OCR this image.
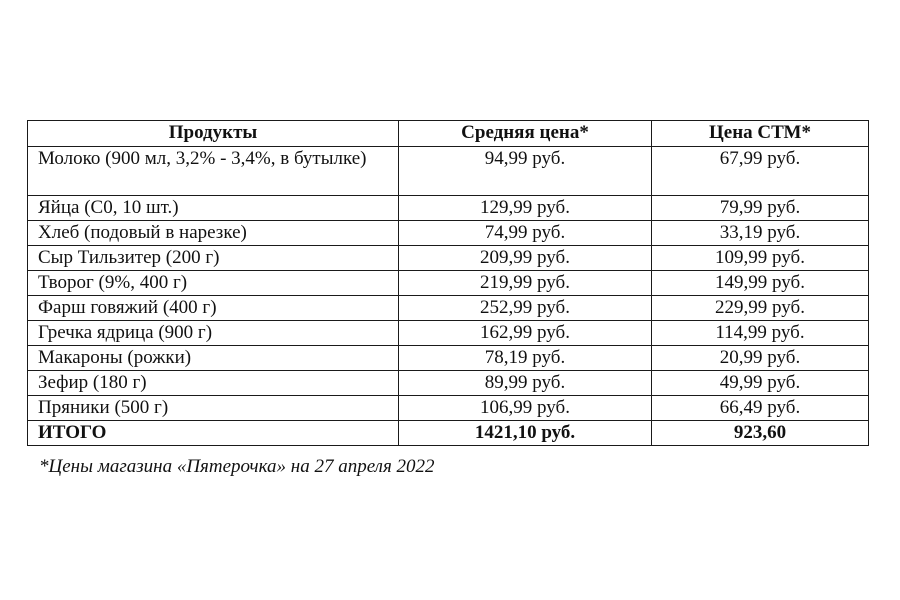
Продукты	Средняя цена*	Цена СТМ*
Молоко (900 мл, 3,2% - 3,4%, в бутылке)	94,99 руб.	67,99 руб.
Яйца (С0, 10 шт.)	129,99 руб.	79,99 руб.
Хлеб (подовый в нарезке)	74,99 руб.	33,19 руб.
Сыр Тильзитер (200 г)	209,99 руб.	109,99 руб.
Творог (9%, 400 г)	219,99 руб.	149,99 руб.
Фарш говяжий (400 г)	252,99 руб.	229,99 руб.
Гречка ядрица (900 г)	162,99 руб.	114,99 руб.
Макароны (рожки)	78,19 руб.	20,99 руб.
Зефир (180 г)	89,99 руб.	49,99 руб.
Пряники (500 г)	106,99 руб.	66,49 руб.
ИТОГО	1421,10 руб.	923,60
*Цены магазина «Пятерочка» на 27 апреля 2022
